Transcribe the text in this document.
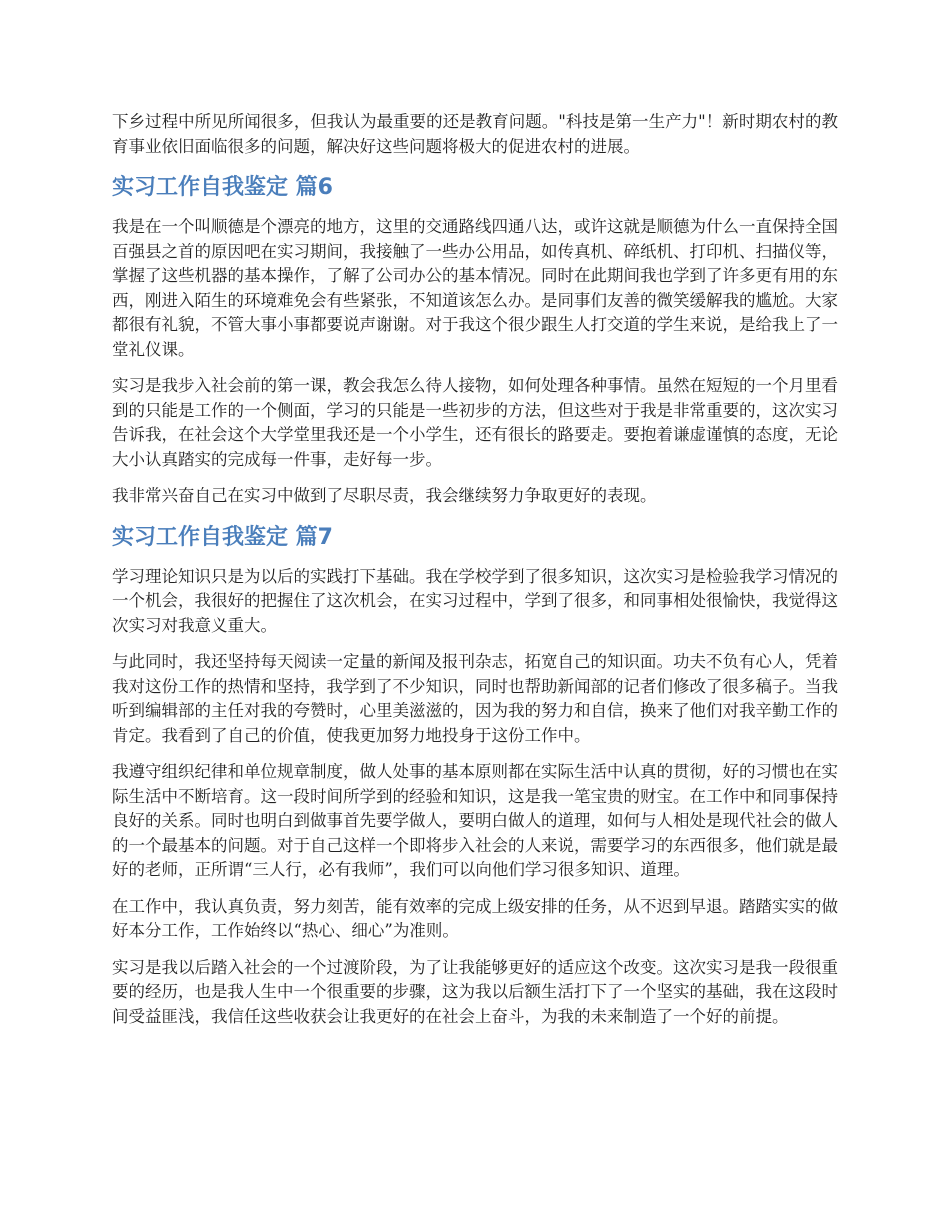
下乡过程中所见所闻很多，但我认为最重要的还是教育问题。"科技是第一生产力"！新时期农村的教育事业依旧面临很多的问题，解决好这些问题将极大的促进农村的进展。

实习工作自我鉴定 篇6

我是在一个叫顺德是个漂亮的地方，这里的交通路线四通八达，或许这就是顺德为什么一直保持全国百强县之首的原因吧在实习期间，我接触了一些办公用品，如传真机、碎纸机、打印机、扫描仪等，掌握了这些机器的基本操作，了解了公司办公的基本情况。同时在此期间我也学到了许多更有用的东西，刚进入陌生的环境难免会有些紧张，不知道该怎么办。是同事们友善的微笑缓解我的尴尬。大家都很有礼貌，不管大事小事都要说声谢谢。对于我这个很少跟生人打交道的学生来说，是给我上了一堂礼仪课。

实习是我步入社会前的第一课，教会我怎么待人接物，如何处理各种事情。虽然在短短的一个月里看到的只能是工作的一个侧面，学习的只能是一些初步的方法，但这些对于我是非常重要的，这次实习告诉我，在社会这个大学堂里我还是一个小学生，还有很长的路要走。要抱着谦虚谨慎的态度，无论大小认真踏实的完成每一件事，走好每一步。

我非常兴奋自己在实习中做到了尽职尽责，我会继续努力争取更好的表现。

实习工作自我鉴定 篇7

学习理论知识只是为以后的实践打下基础。我在学校学到了很多知识，这次实习是检验我学习情况的一个机会，我很好的把握住了这次机会，在实习过程中，学到了很多，和同事相处很愉快，我觉得这次实习对我意义重大。

与此同时，我还坚持每天阅读一定量的新闻及报刊杂志，拓宽自己的知识面。功夫不负有心人，凭着我对这份工作的热情和坚持，我学到了不少知识，同时也帮助新闻部的记者们修改了很多稿子。当我听到编辑部的主任对我的夸赞时，心里美滋滋的，因为我的努力和自信，换来了他们对我辛勤工作的肯定。我看到了自己的价值，使我更加努力地投身于这份工作中。

我遵守组织纪律和单位规章制度，做人处事的基本原则都在实际生活中认真的贯彻，好的习惯也在实际生活中不断培育。这一段时间所学到的经验和知识，这是我一笔宝贵的财宝。在工作中和同事保持良好的关系。同时也明白到做事首先要学做人，要明白做人的道理，如何与人相处是现代社会的做人的一个最基本的问题。对于自己这样一个即将步入社会的人来说，需要学习的东西很多，他们就是最好的老师，正所谓“三人行，必有我师”，我们可以向他们学习很多知识、道理。

在工作中，我认真负责，努力刻苦，能有效率的完成上级安排的任务，从不迟到早退。踏踏实实的做好本分工作，工作始终以“热心、细心”为准则。

实习是我以后踏入社会的一个过渡阶段，为了让我能够更好的适应这个改变。这次实习是我一段很重要的经历，也是我人生中一个很重要的步骤，这为我以后额生活打下了一个坚实的基础，我在这段时间受益匪浅，我信任这些收获会让我更好的在社会上奋斗，为我的未来制造了一个好的前提。
